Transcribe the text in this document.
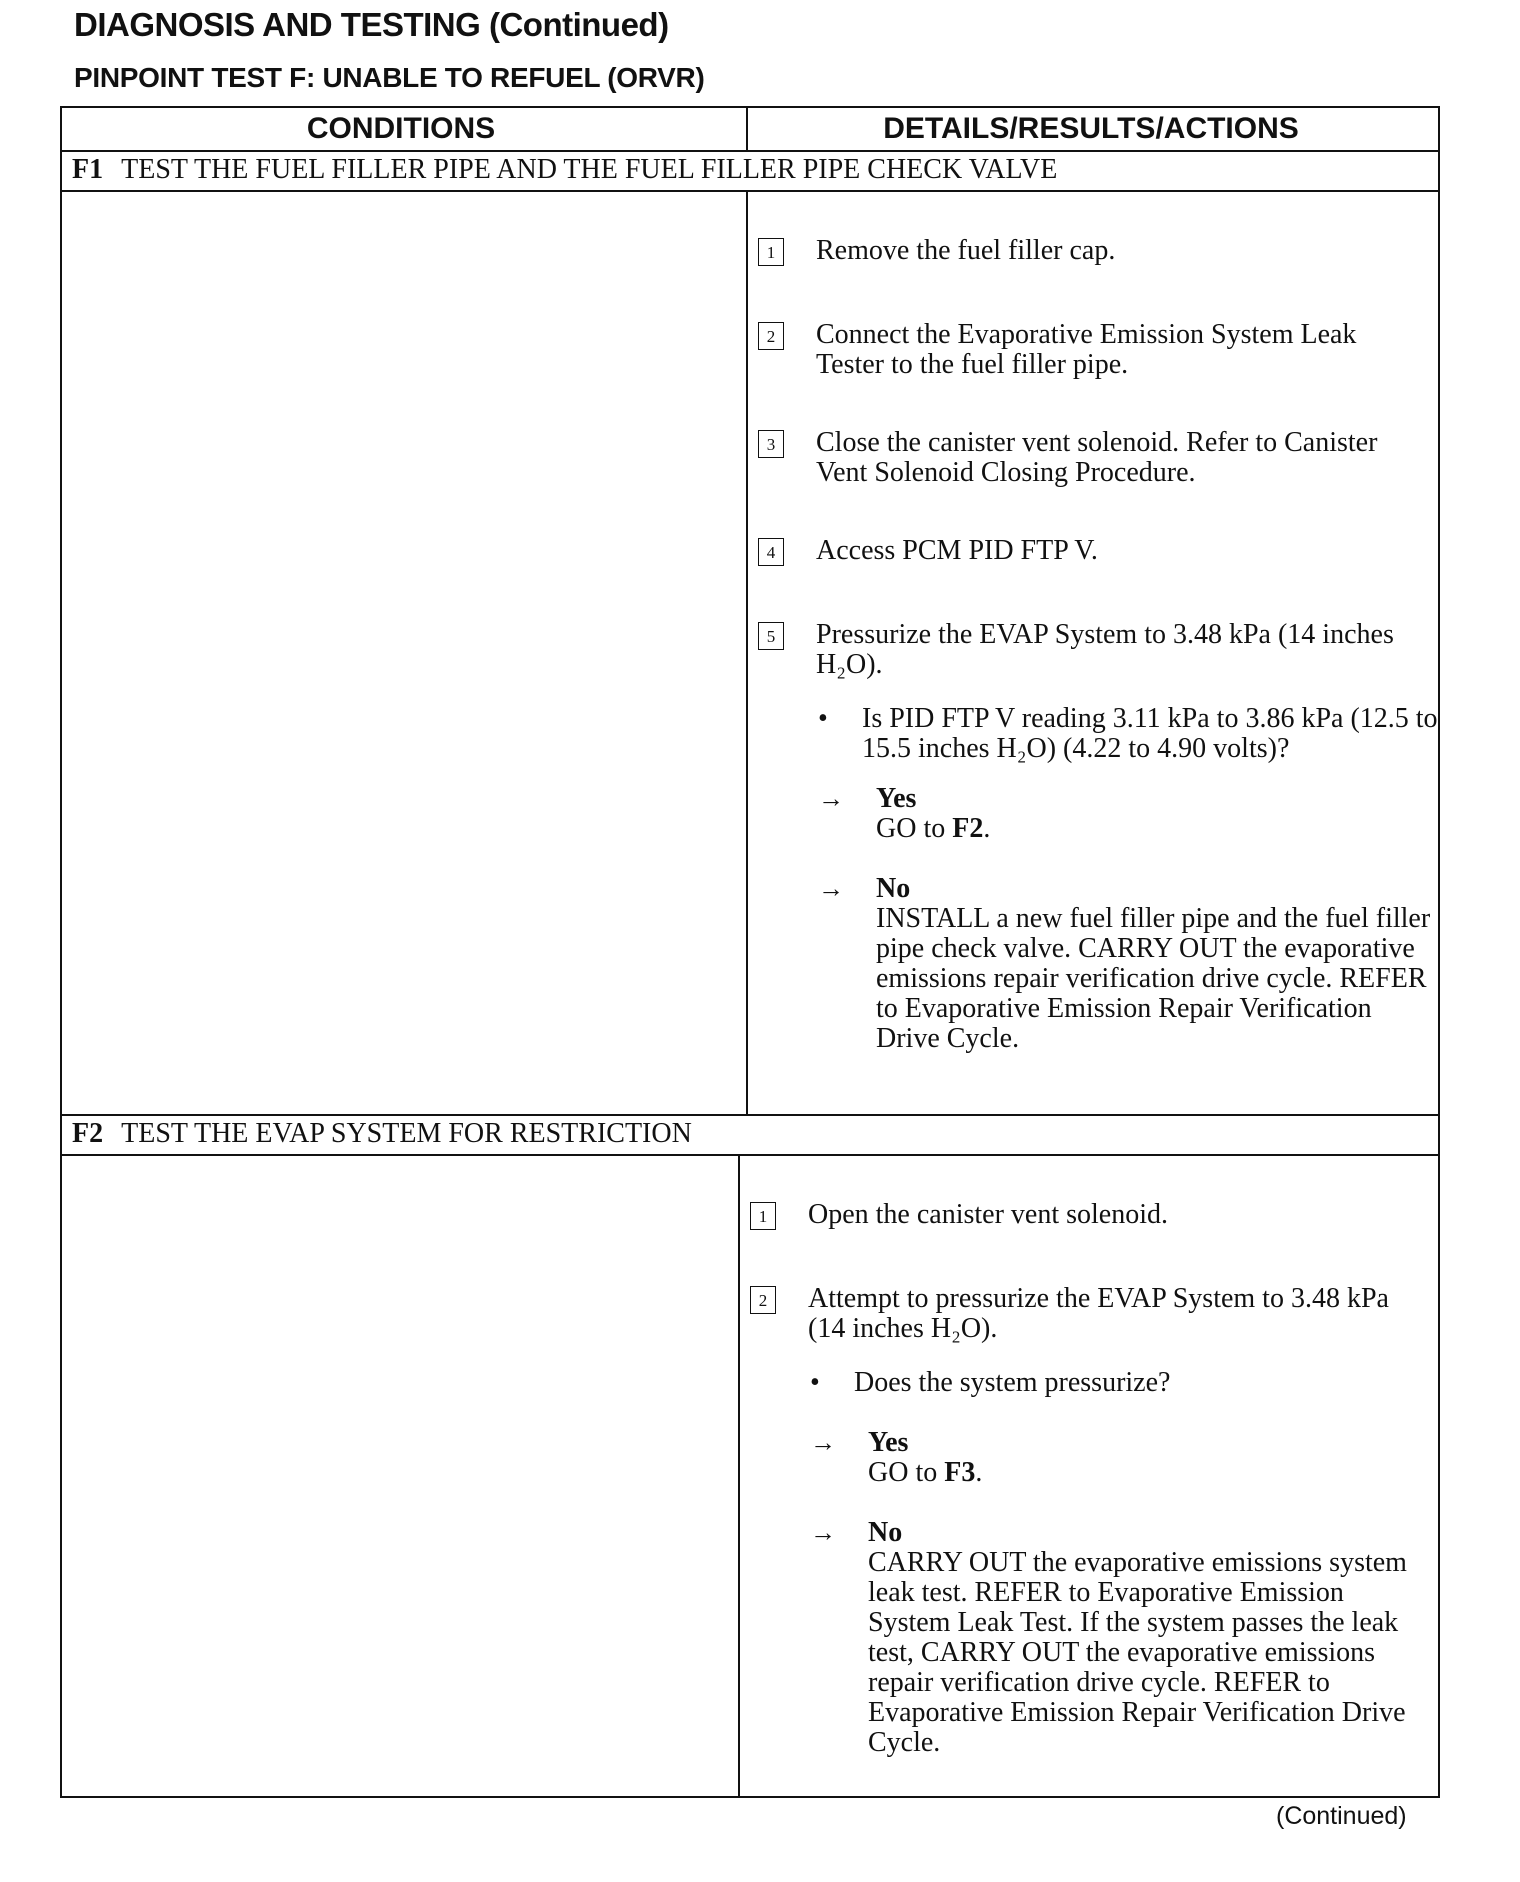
DIAGNOSIS AND TESTING (Continued)
PINPOINT TEST F: UNABLE TO REFUEL (ORVR)
CONDITIONS	DETAILS/RESULTS/ACTIONS
F1 TEST THE FUEL FILLER PIPE AND THE FUEL FILLER PIPE CHECK VALVE
1	Remove the fuel filler cap.
2	Connect the Evaporative Emission System Leak Tester to the fuel filler pipe.
3	Close the canister vent solenoid. Refer to Canister Vent Solenoid Closing Procedure.
4	Access PCM PID FTP V.
5	Pressurize the EVAP System to 3.48 kPa (14 inches H₂O).
• Is PID FTP V reading 3.11 kPa to 3.86 kPa (12.5 to 15.5 inches H₂O) (4.22 to 4.90 volts)?
→ Yes
GO to F2.
→ No
INSTALL a new fuel filler pipe and the fuel filler pipe check valve. CARRY OUT the evaporative emissions repair verification drive cycle. REFER to Evaporative Emission Repair Verification Drive Cycle.
F2 TEST THE EVAP SYSTEM FOR RESTRICTION
1	Open the canister vent solenoid.
2	Attempt to pressurize the EVAP System to 3.48 kPa (14 inches H₂O).
• Does the system pressurize?
→ Yes
GO to F3.
→ No
CARRY OUT the evaporative emissions system leak test. REFER to Evaporative Emission System Leak Test. If the system passes the leak test, CARRY OUT the evaporative emissions repair verification drive cycle. REFER to Evaporative Emission Repair Verification Drive Cycle.
(Continued)
